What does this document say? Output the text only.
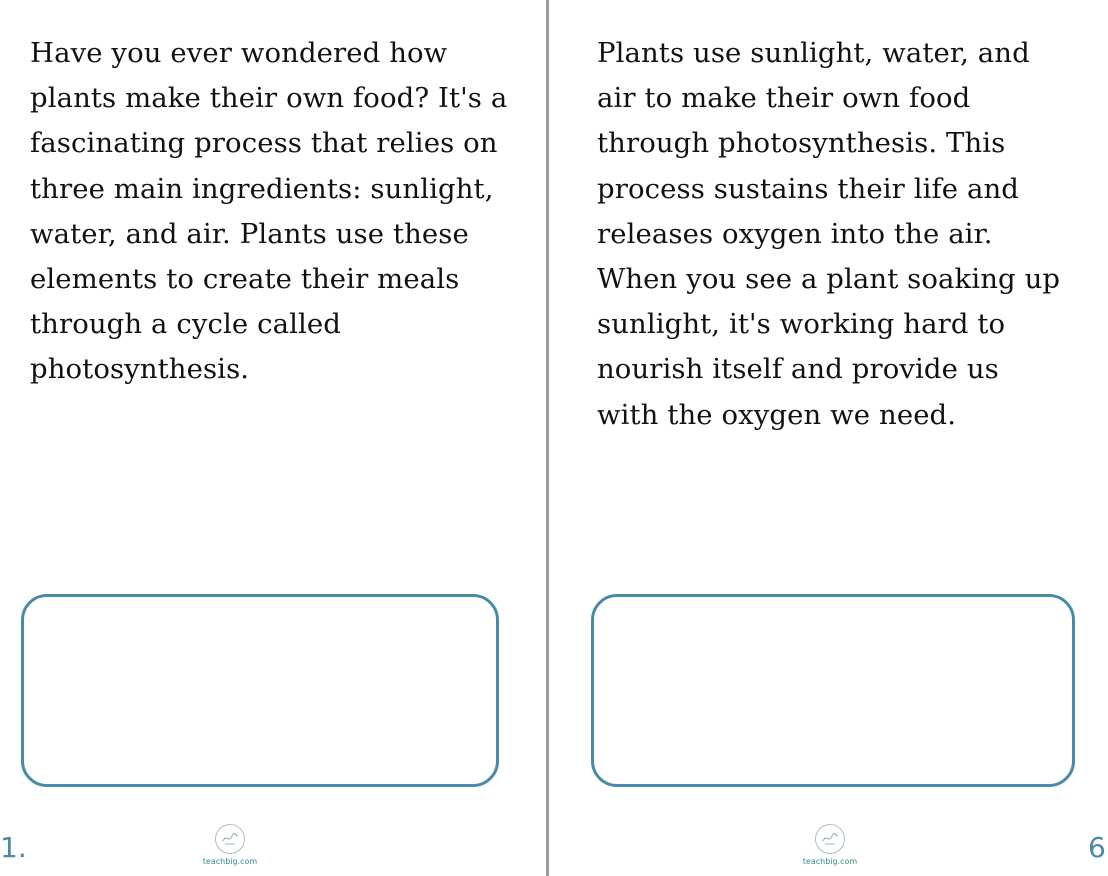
Have you ever wondered how plants make their own food? It's a fascinating process that relies on three main ingredients: sunlight, water, and air. Plants use these elements to create their meals through a cycle called photosynthesis.

teachbig.com
1.

Plants use sunlight, water, and air to make their own food through photosynthesis. This process sustains their life and releases oxygen into the air. When you see a plant soaking up sunlight, it's working hard to nourish itself and provide us with the oxygen we need.

teachbig.com	6
